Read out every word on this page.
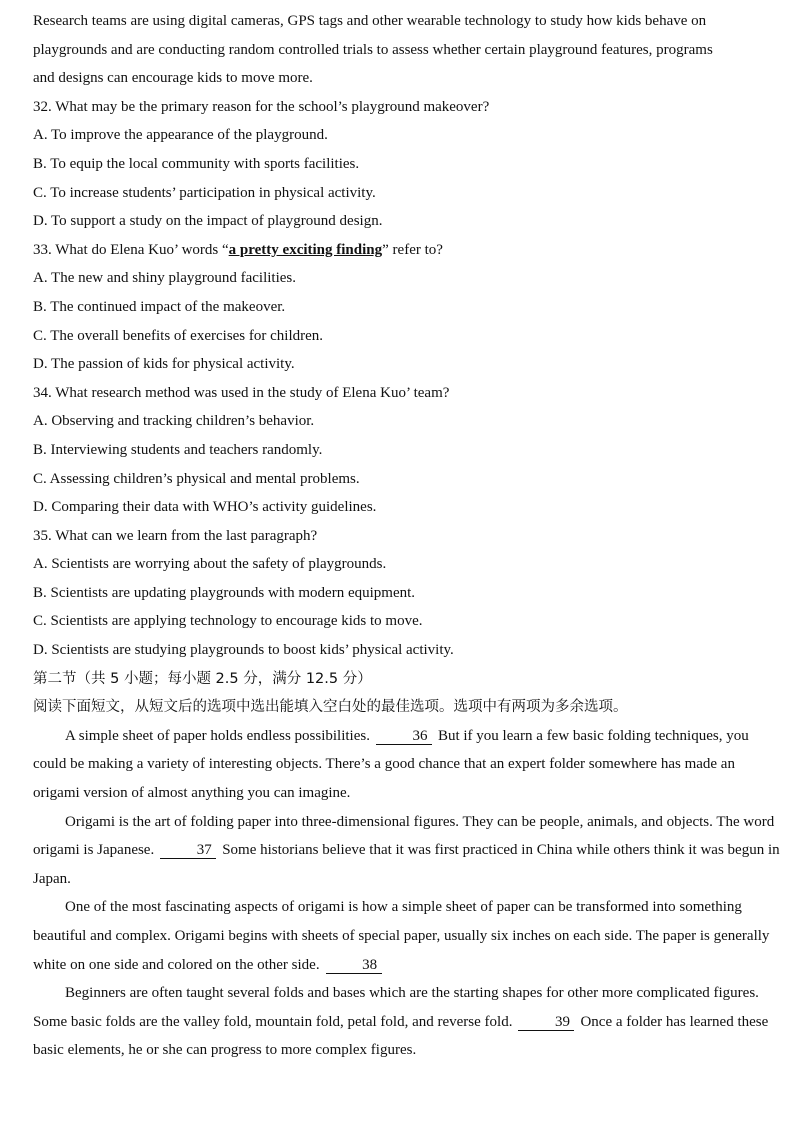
Research teams are using digital cameras, GPS tags and other wearable technology to study how kids behave on
playgrounds and are conducting random controlled trials to assess whether certain playground features, programs
and designs can encourage kids to move more.
32. What may be the primary reason for the school’s playground makeover?
A. To improve the appearance of the playground.
B. To equip the local community with sports facilities.
C. To increase students’ participation in physical activity.
D. To support a study on the impact of playground design.
33. What do Elena Kuo’ words “a pretty exciting finding” refer to?
A. The new and shiny playground facilities.
B. The continued impact of the makeover.
C. The overall benefits of exercises for children.
D. The passion of kids for physical activity.
34. What research method was used in the study of Elena Kuo’ team?
A. Observing and tracking children’s behavior.
B. Interviewing students and teachers randomly.
C. Assessing children’s physical and mental problems.
D. Comparing their data with WHO’s activity guidelines.
35. What can we learn from the last paragraph?
A. Scientists are worrying about the safety of playgrounds.
B. Scientists are updating playgrounds with modern equipment.
C. Scientists are applying technology to encourage kids to move.
D. Scientists are studying playgrounds to boost kids’ physical activity.
第二节（共 5 小题；每小题 2.5 分，满分 12.5 分）
阅读下面短文，从短文后的选项中选出能填入空白处的最佳选项。选项中有两项为多余选项。
A simple sheet of paper holds endless possibilities.	36 But if you learn a few basic folding techniques, you could be making a variety of interesting objects. There’s a good chance that an expert folder somewhere has made an origami version of almost anything you can imagine.
Origami is the art of folding paper into three-dimensional figures. They can be people, animals, and objects. The word origami is Japanese.	37 Some historians believe that it was first practiced in China while others think it was begun in Japan.
One of the most fascinating aspects of origami is how a simple sheet of paper can be transformed into something beautiful and complex. Origami begins with sheets of special paper, usually six inches on each side. The paper is generally white on one side and colored on the other side.	38
Beginners are often taught several folds and bases which are the starting shapes for other more complicated figures. Some basic folds are the valley fold, mountain fold, petal fold, and reverse fold.	39 Once a folder has learned these basic elements, he or she can progress to more complex figures.
